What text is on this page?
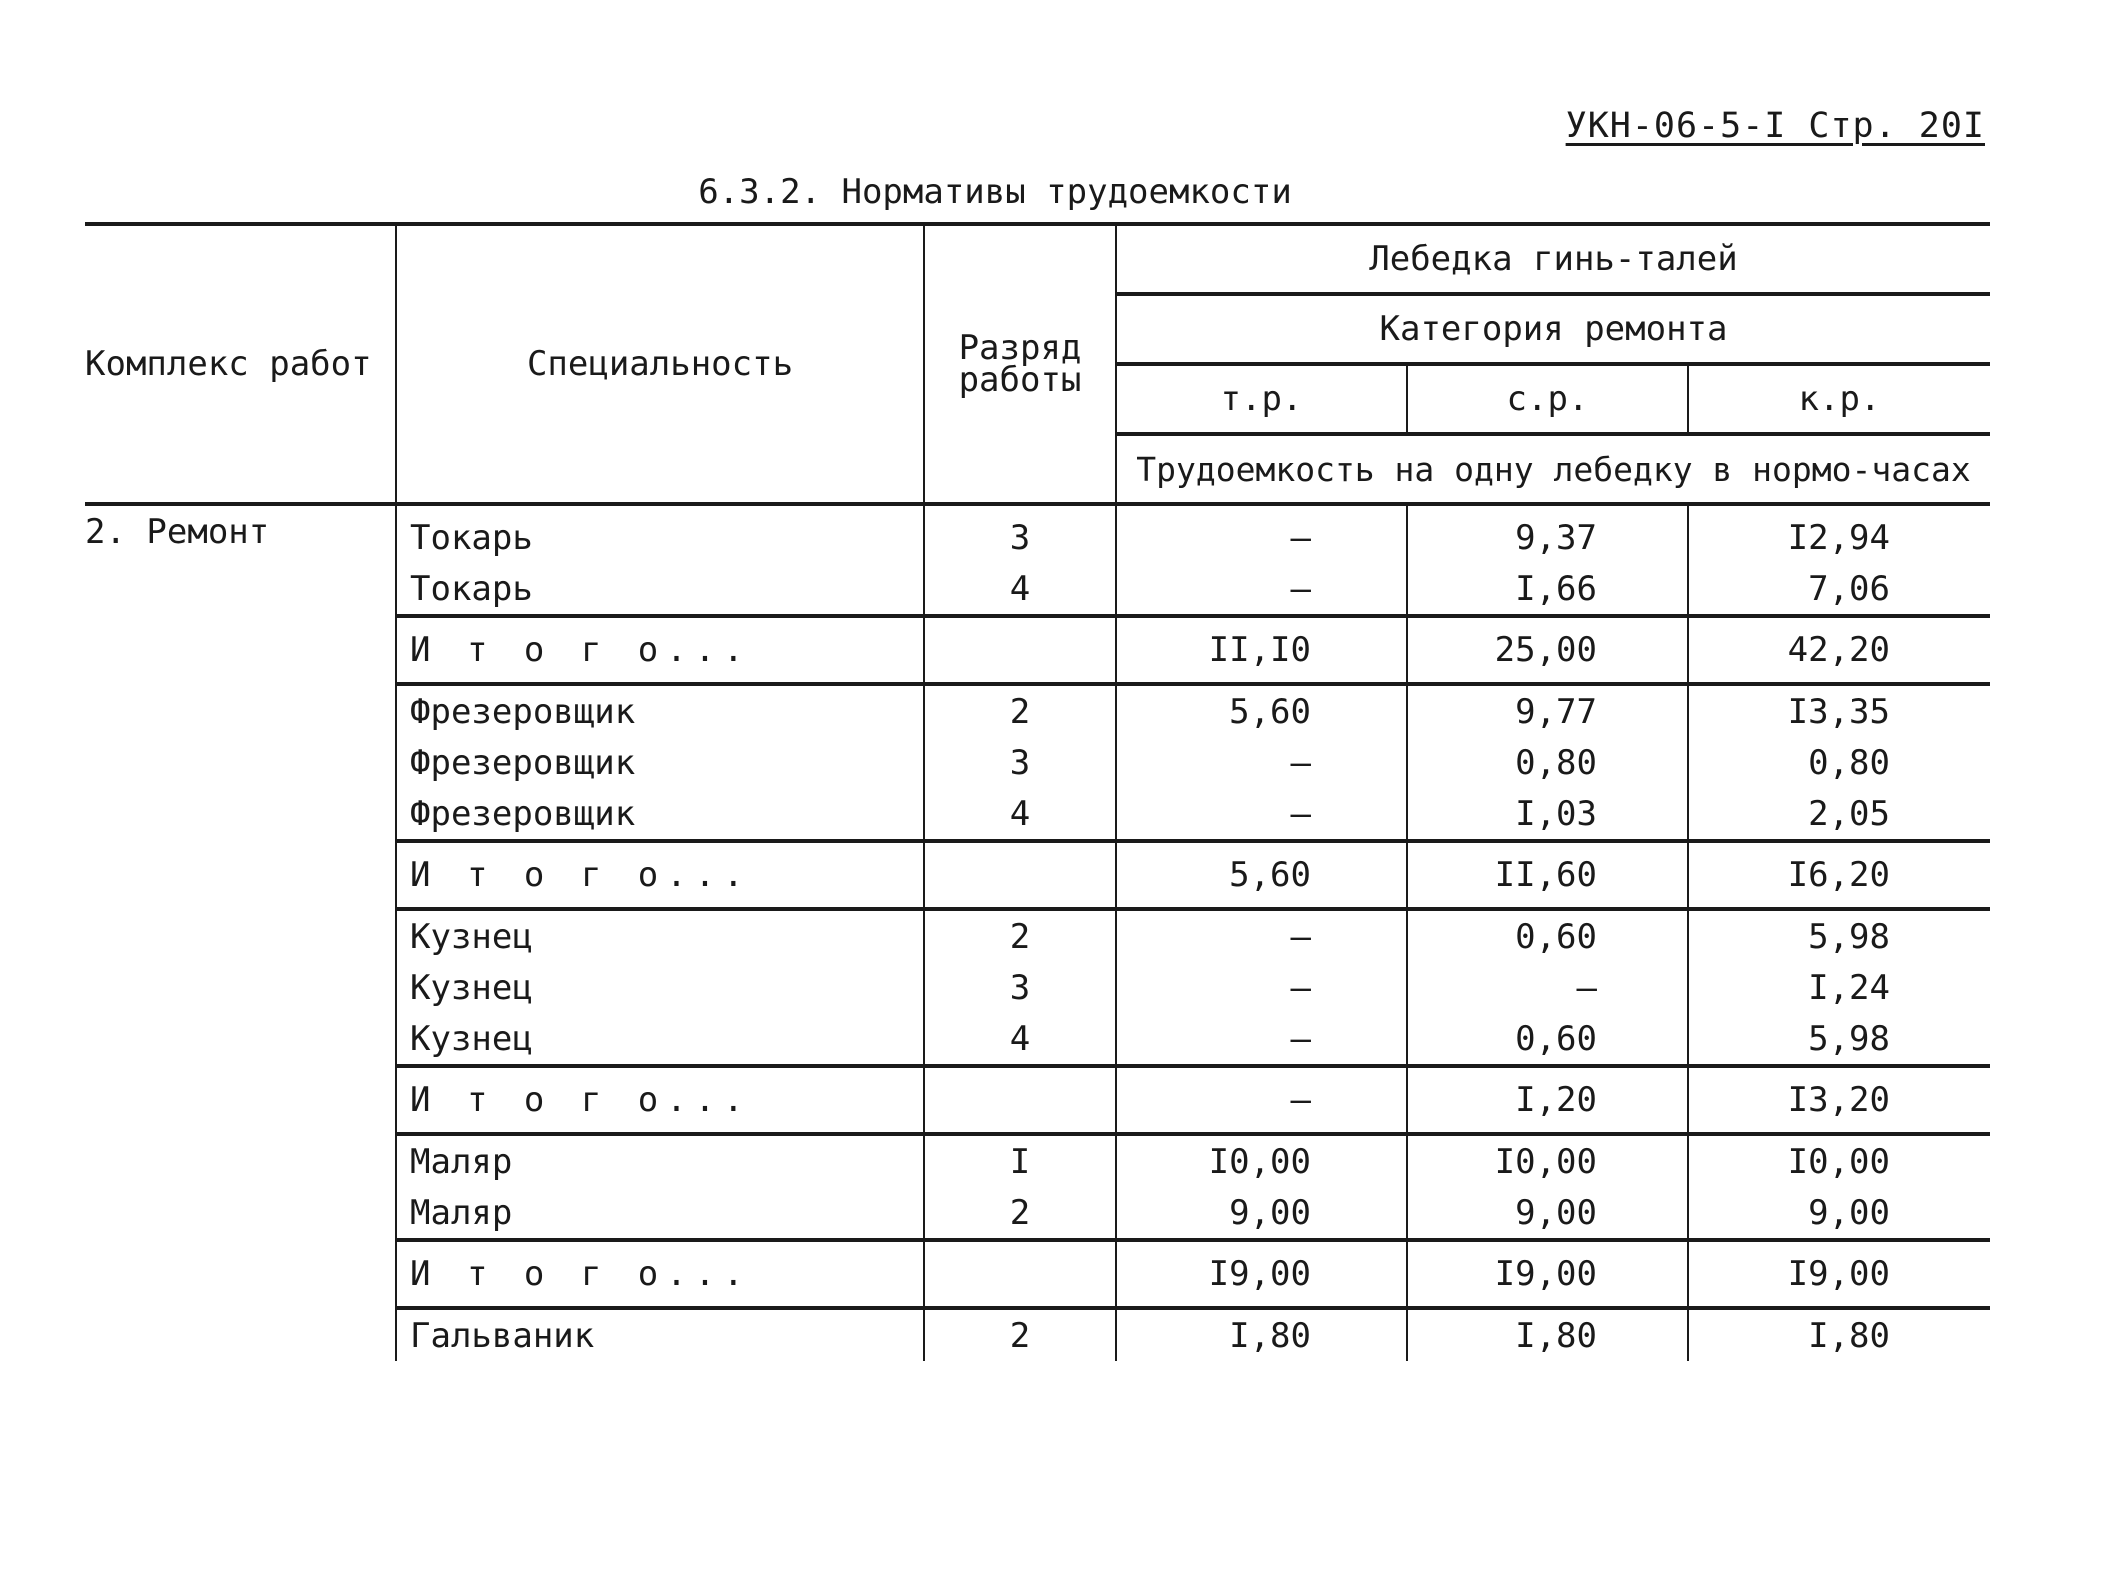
УКН-06-5-I Стр. 20I
6.3.2. Нормативы трудоемкости
Комплекс работ	Специальность	Разряд
работы	Лебедка гинь-талей		
			Категория ремонта		
			т.р.	с.р.	к.р.
			Трудоемкость на одну лебедку в нормо-часах		
2. Ремонт	Токарь	3	–	9,37	I2,94
	Токарь	4	–	I,66	7,06
	И т о г о...		II,I0	25,00	42,20
	Фрезеровщик	2	5,60	9,77	I3,35
	Фрезеровщик	3	–	0,80	0,80
	Фрезеровщик	4	–	I,03	2,05
	И т о г о...		5,60	II,60	I6,20
	Кузнец	2	–	0,60	5,98
	Кузнец	3	–	–	I,24
	Кузнец	4	–	0,60	5,98
	И т о г о...		–	I,20	I3,20
	Маляр	I	I0,00	I0,00	I0,00
	Маляр	2	9,00	9,00	9,00
	И т о г о...		I9,00	I9,00	I9,00
	Гальваник	2	I,80	I,80	I,80
